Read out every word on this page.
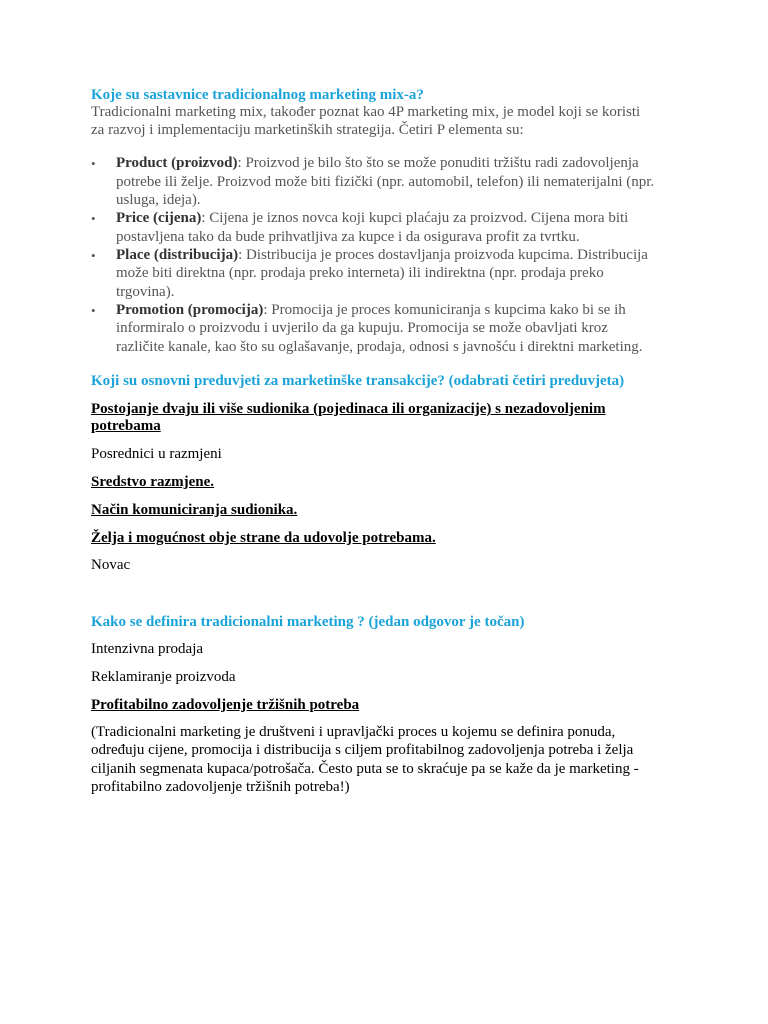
Koje su sastavnice tradicionalnog marketing mix-a?
Tradicionalni marketing mix, također poznat kao 4P marketing mix, je model koji se koristi
za razvoj i implementaciju marketinških strategija. Četiri P elementa su:
• Product (proizvod): Proizvod je bilo što što se može ponuditi tržištu radi zadovoljenja
potrebe ili želje. Proizvod može biti fizički (npr. automobil, telefon) ili nematerijalni (npr.
usluga, ideja).
• Price (cijena): Cijena je iznos novca koji kupci plaćaju za proizvod. Cijena mora biti
postavljena tako da bude prihvatljiva za kupce i da osigurava profit za tvrtku.
• Place (distribucija): Distribucija je proces dostavljanja proizvoda kupcima. Distribucija
može biti direktna (npr. prodaja preko interneta) ili indirektna (npr. prodaja preko
trgovina).
• Promotion (promocija): Promocija je proces komuniciranja s kupcima kako bi se ih
informiralo o proizvodu i uvjerilo da ga kupuju. Promocija se može obavljati kroz
različite kanale, kao što su oglašavanje, prodaja, odnosi s javnošću i direktni marketing.
Koji su osnovni preduvjeti za marketinške transakcije? (odabrati četiri preduvjeta)
Postojanje dvaju ili više sudionika (pojedinaca ili organizacije) s nezadovoljenim
potrebama
Posrednici u razmjeni
Sredstvo razmjene.
Način komuniciranja sudionika.
Želja i mogućnost obje strane da udovolje potrebama.
Novac
Kako se definira tradicionalni marketing ? (jedan odgovor je točan)
Intenzivna prodaja
Reklamiranje proizvoda
Profitabilno zadovoljenje tržišnih potreba
(Tradicionalni marketing je društveni i upravljački proces u kojemu se definira ponuda,
određuju cijene, promocija i distribucija s ciljem profitabilnog zadovoljenja potreba i želja
ciljanih segmenata kupaca/potrošača. Često puta se to skraćuje pa se kaže da je marketing -
profitabilno zadovoljenje tržišnih potreba!)
